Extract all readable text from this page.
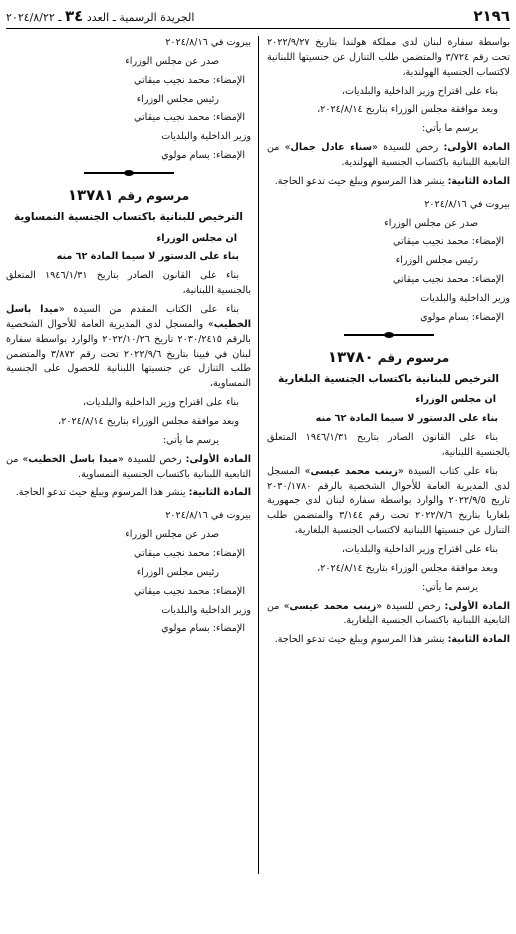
٢١٩٦
الجريدة الرسمية ـ العدد ٣٤ ـ ٢٠٢٤/٨/٢٢

بواسطة سفارة لبنان لدى مملكة هولندا بتاريخ ٢٠٢٢/٩/٢٧ تحت رقم ٣/٧٢٤ والمتضمن طلب التنازل عن جنسيتها اللبنانية لاكتساب الجنسية الهولندية،

بناء على اقتراح وزير الداخلية والبلديات،

وبعد موافقة مجلس الوزراء بتاريخ ٢٠٢٤/٨/١٤،

يرسم ما يأتي:

المادة الأولى: رخص للسيدة «سناء عادل جمال» من التابعية اللبنانية باكتساب الجنسية الهولندية.

المادة الثانية: ينشر هذا المرسوم ويبلغ حيث تدعو الحاجة.

بيروت في ٢٠٢٤/٨/١٦

صدر عن مجلس الوزراء

الإمضاء: محمد نجيب ميقاتي

رئيس مجلس الوزراء

الإمضاء: محمد نجيب ميقاتي

وزير الداخلية والبلديات

الإمضاء: بسام مولوي

مرسوم رقم ١٣٧٨٠
الترخيص للبنانية باكتساب الجنسية البلغارية

ان مجلس الوزراء

بناء على الدستور لا سيما المادة ٦٢ منه

بناء على القانون الصادر بتاريخ ١٩٤٦/١/٣١ المتعلق بالجنسية اللبنانية،

بناء على كتاب السيدة «زينب محمد عيسى» المسجل لدى المديرية العامة للأحوال الشخصية بالرقم ٢٠٣٠/١٧٨٠ تاريخ ٢٠٢٢/٩/٥ والوارد بواسطة سفارة لبنان لدى جمهورية بلغاريا بتاريخ ٢٠٢٢/٧/٦ تحت رقم ٣/١٤٤ والمتضمن طلب التنازل عن جنسيتها اللبنانية لاكتساب الجنسية البلغارية،

بناء على اقتراح وزير الداخلية والبلديات،

وبعد موافقة مجلس الوزراء بتاريخ ٢٠٢٤/٨/١٤،

يرسم ما يأتي:

المادة الأولى: رخص للسيدة «زينب محمد عيسى» من التابعية اللبنانية باكتساب الجنسية البلغارية.

المادة الثانية: ينشر هذا المرسوم ويبلغ حيث تدعو الحاجة.

بيروت في ٢٠٢٤/٨/١٦

صدر عن مجلس الوزراء

الإمضاء: محمد نجيب ميقاتي

رئيس مجلس الوزراء

الإمضاء: محمد نجيب ميقاتي

وزير الداخلية والبلديات

الإمضاء: بسام مولوي

مرسوم رقم ١٣٧٨١
الترخيص للبنانية باكتساب الجنسية النمساوية

ان مجلس الوزراء

بناء على الدستور لا سيما المادة ٦٢ منه

بناء على القانون الصادر بتاريخ ١٩٤٦/١/٣١ المتعلق بالجنسية اللبنانية،

بناء على الكتاب المقدم من السيدة «ميدا باسل الخطيب» والمسجل لدى المديرية العامة للأحوال الشخصية بالرقم ٢٠٣٠/٢٤١٥ تاريخ ٢٠٢٢/١٠/٢٦ والوارد بواسطة سفارة لبنان في فيينا بتاريخ ٢٠٢٢/٩/٦ تحت رقم ٣/٨٧٢ والمتضمن طلب التنازل عن جنسيتها اللبنانية للحصول على الجنسية النمساوية،

بناء على اقتراح وزير الداخلية والبلديات،

وبعد موافقة مجلس الوزراء بتاريخ ٢٠٢٤/٨/١٤،

يرسم ما يأتي:

المادة الأولى: رخص للسيدة «ميدا باسل الخطيب» من التابعية اللبنانية باكتساب الجنسية النمساوية.

المادة الثانية: ينشر هذا المرسوم ويبلغ حيث تدعو الحاجة.

بيروت في ٢٠٢٤/٨/١٦

صدر عن مجلس الوزراء

الإمضاء: محمد نجيب ميقاتي

رئيس مجلس الوزراء

الإمضاء: محمد نجيب ميقاتي

وزير الداخلية والبلديات

الإمضاء: بسام مولوي
